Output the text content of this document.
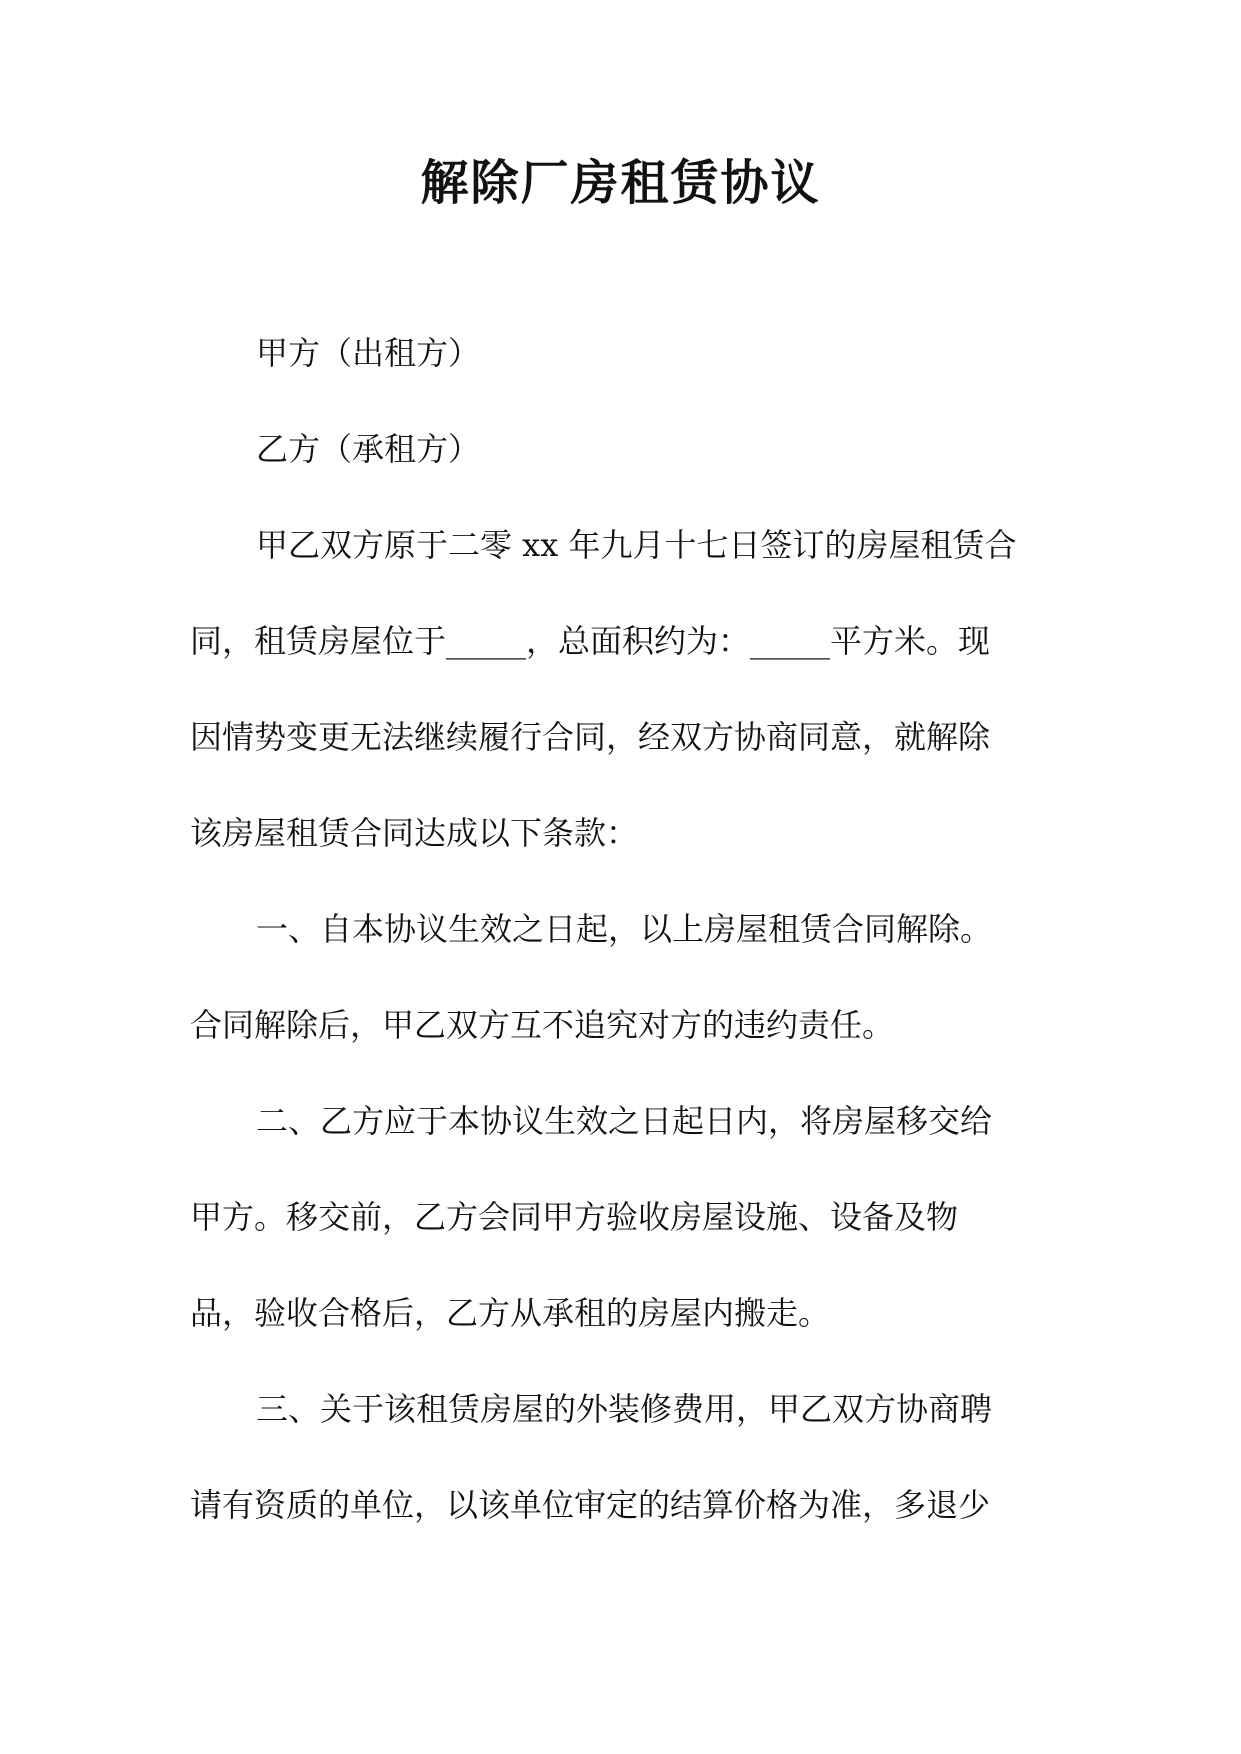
解除厂房租赁协议

甲方（出租方）

乙方（承租方）

甲乙双方原于二零 xx 年九月十七日签订的房屋租赁合
同，租赁房屋位于_____，总面积约为：_____平方米。现
因情势变更无法继续履行合同，经双方协商同意，就解除
该房屋租赁合同达成以下条款：

一、自本协议生效之日起，以上房屋租赁合同解除。
合同解除后，甲乙双方互不追究对方的违约责任。

二、乙方应于本协议生效之日起日内，将房屋移交给
甲方。移交前，乙方会同甲方验收房屋设施、设备及物
品，验收合格后，乙方从承租的房屋内搬走。

三、关于该租赁房屋的外装修费用，甲乙双方协商聘
请有资质的单位，以该单位审定的结算价格为准，多退少
